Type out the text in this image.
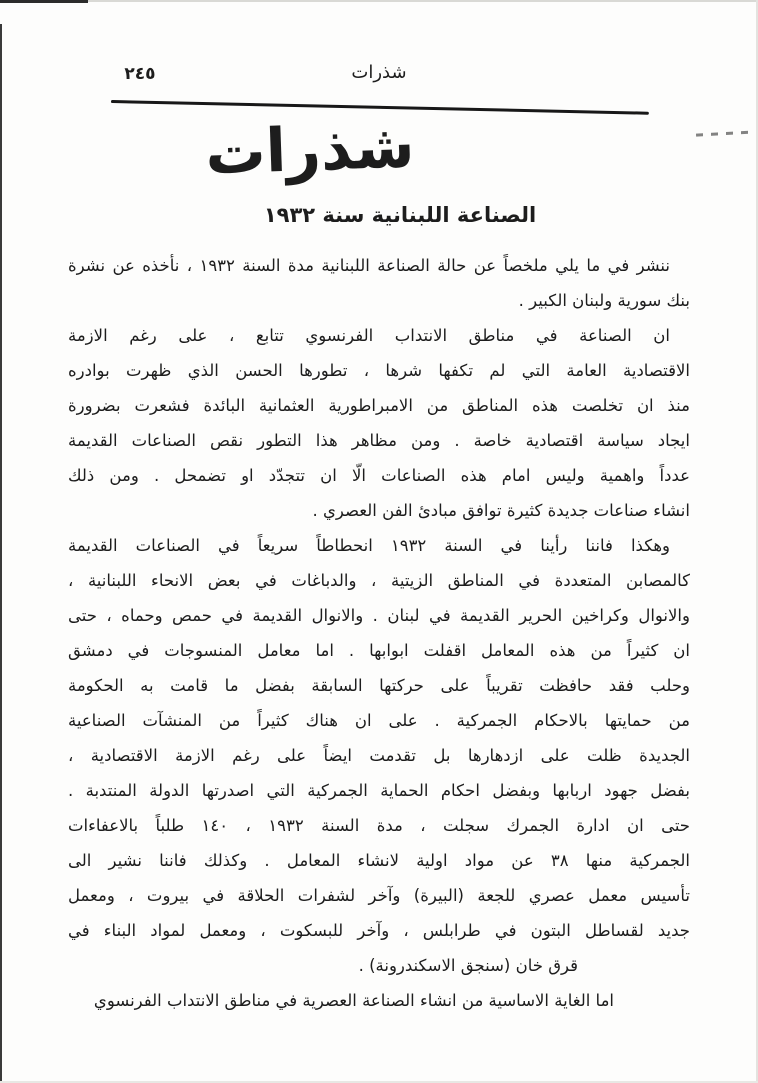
٢٤٥	شذرات
شذرات
الصناعة اللبنانية سنة ١٩٣٢
ننشر في ما يلي ملخصاً عن حالة الصناعة اللبنانية مدة السنة ١٩٣٢ ، نأخذه عن نشرة
بنك سورية ولبنان الكبير .
ان الصناعة في مناطق الانتداب الفرنسوي تتابع ، على رغم الازمة
الاقتصادية العامة التي لم تكفها شرها ، تطورها الحسن الذي ظهرت بوادره
منذ ان تخلصت هذه المناطق من الامبراطورية العثمانية البائدة فشعرت بضرورة
ايجاد سياسة اقتصادية خاصة . ومن مظاهر هذا التطور نقص الصناعات القديمة
عدداً واهمية وليس امام هذه الصناعات الّا ان تتجدّد او تضمحل . ومن ذلك
انشاء صناعات جديدة كثيرة توافق مبادئ الفن العصري .
وهكذا فاننا رأينا في السنة ١٩٣٢ انحطاطاً سريعاً في الصناعات القديمة
كالمصابن المتعددة في المناطق الزيتية ، والدباغات في بعض الانحاء اللبنانية ،
والانوال وكراخين الحرير القديمة في لبنان . والانوال القديمة في حمص وحماه ، حتى
ان كثيراً من هذه المعامل اقفلت ابوابها . اما معامل المنسوجات في دمشق
وحلب فقد حافظت تقريباً على حركتها السابقة بفضل ما قامت به الحكومة
من حمايتها بالاحكام الجمركية . على ان هناك كثيراً من المنشآت الصناعية
الجديدة ظلت على ازدهارها بل تقدمت ايضاً على رغم الازمة الاقتصادية ،
بفضل جهود اربابها وبفضل احكام الحماية الجمركية التي اصدرتها الدولة المنتدبة .
حتى ان ادارة الجمرك سجلت ، مدة السنة ١٩٣٢ ، ١٤٠ طلباً بالاعفاءات
الجمركية منها ٣٨ عن مواد اولية لانشاء المعامل . وكذلك فاننا نشير الى
تأسيس معمل عصري للجعة (البيرة) وآخر لشفرات الحلاقة في بيروت ، ومعمل
جديد لقساطل البتون في طرابلس ، وآخر للبسكوت ، ومعمل لمواد البناء في
قرق خان (سنجق الاسكندرونة) .
اما الغاية الاساسية من انشاء الصناعة العصرية في مناطق الانتداب الفرنسوي
